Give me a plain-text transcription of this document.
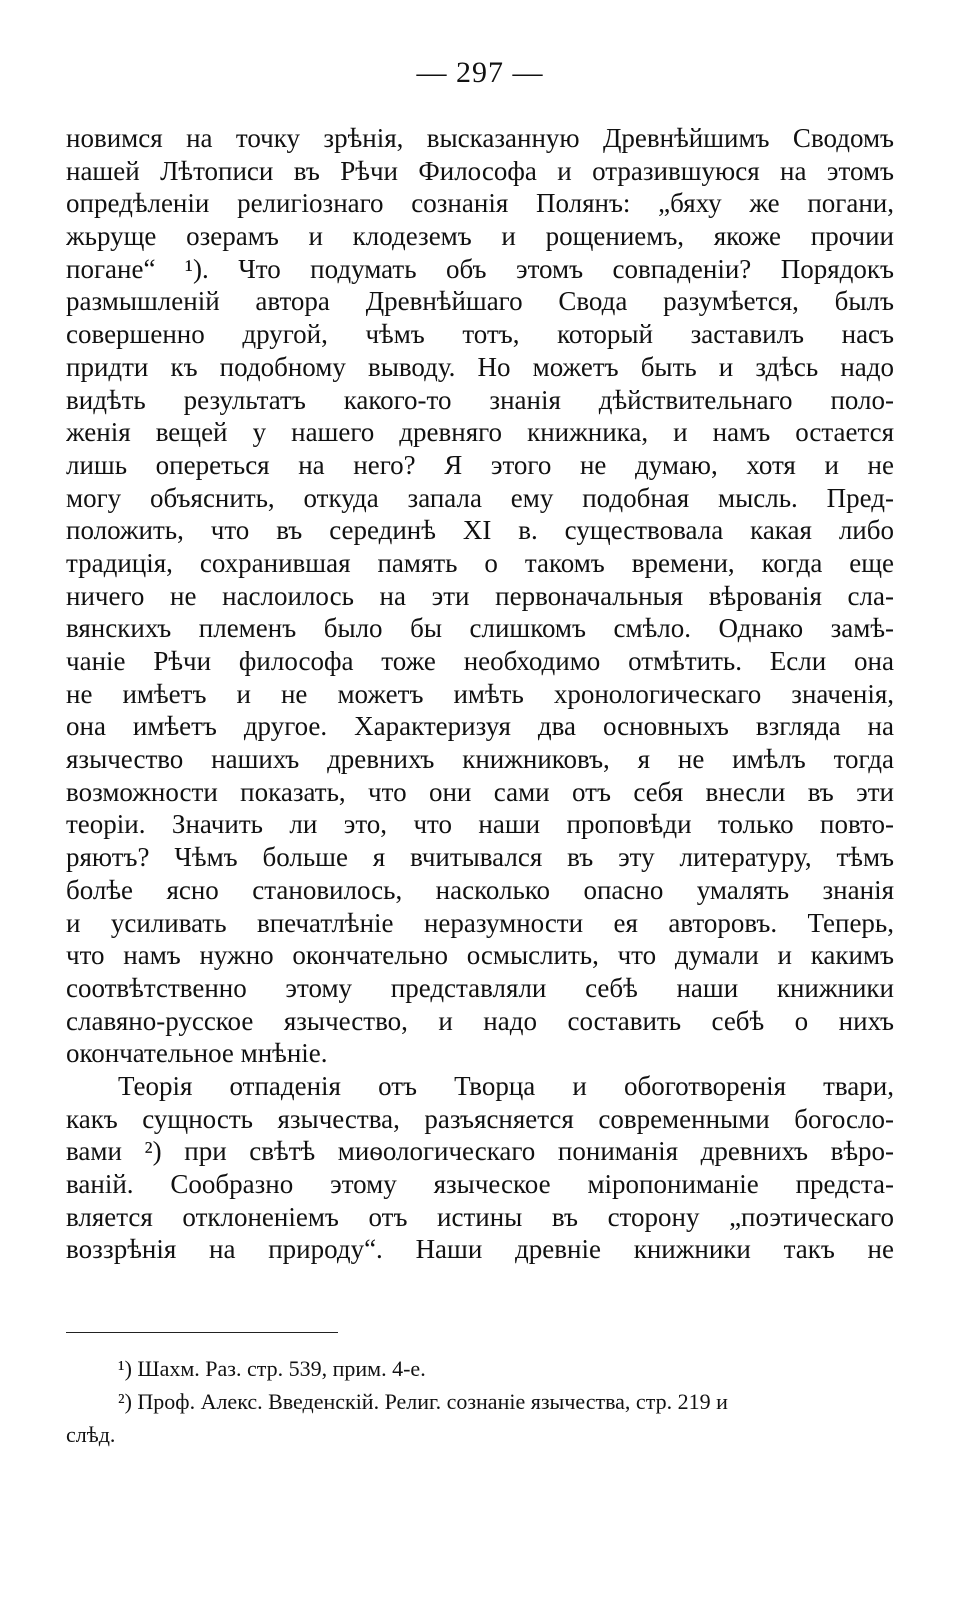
— 297 —
новимся на точку зрѣнія, высказанную Древнѣйшимъ Сводомъ
нашей Лѣтописи въ Рѣчи Философа и отразившуюся на этомъ
опредѣленіи религіознаго сознанія Полянъ: „бяху же погани,
жьруще озерамъ и клодеземъ и рощениемъ, якоже прочии
погане“ ¹). Что подумать объ этомъ совпаденіи? Порядокъ
размышленій автора Древнѣйшаго Свода разумѣется, былъ
совершенно другой, чѣмъ тотъ, который заставилъ насъ
придти къ подобному выводу. Но можетъ быть и здѣсь надо
видѣть результатъ какого-то знанія дѣйствительнаго поло-
женія вещей у нашего древняго книжника, и намъ остается
лишь опереться на него? Я этого не думаю, хотя и не
могу объяснить, откуда запала ему подобная мысль. Пред-
положить, что въ серединѣ XI в. существовала какая либо
традиція, сохранившая память о такомъ времени, когда еще
ничего не наслоилось на эти первоначальныя вѣрованія сла-
вянскихъ племенъ было бы слишкомъ смѣло. Однако замѣ-
чаніе Рѣчи философа тоже необходимо отмѣтить. Если она
не имѣетъ и не можетъ имѣть хронологическаго значенія,
она имѣетъ другое. Характеризуя два основныхъ взгляда на
язычество нашихъ древнихъ книжниковъ, я не имѣлъ тогда
возможности показать, что они сами отъ себя внесли въ эти
теоріи. Значить ли это, что наши проповѣди только повто-
ряютъ? Чѣмъ больше я вчитывался въ эту литературу, тѣмъ
болѣе ясно становилось, насколько опасно умалять знанія
и усиливать впечатлѣніе неразумности ея авторовъ. Теперь,
что намъ нужно окончательно осмыслить, что думали и какимъ
соотвѣтственно этому представляли себѣ наши книжники
славяно-русское язычество, и надо составить себѣ о нихъ
окончательное мнѣніе.
Теорія отпаденія отъ Творца и обоготворенія твари,
какъ сущность язычества, разъясняется современными богосло-
вами ²) при свѣтѣ миѳологическаго пониманія древнихъ вѣро-
ваній. Сообразно этому языческое міропониманіе предста-
вляется отклоненіемъ отъ истины въ сторону „поэтическаго
воззрѣнія на природу“. Наши древніе книжники такъ не
¹) Шахм. Раз. стр. 539, прим. 4-е.
²) Проф. Алекс. Введенскій. Религ. сознаніе язычества, стр. 219 и
слѣд.
